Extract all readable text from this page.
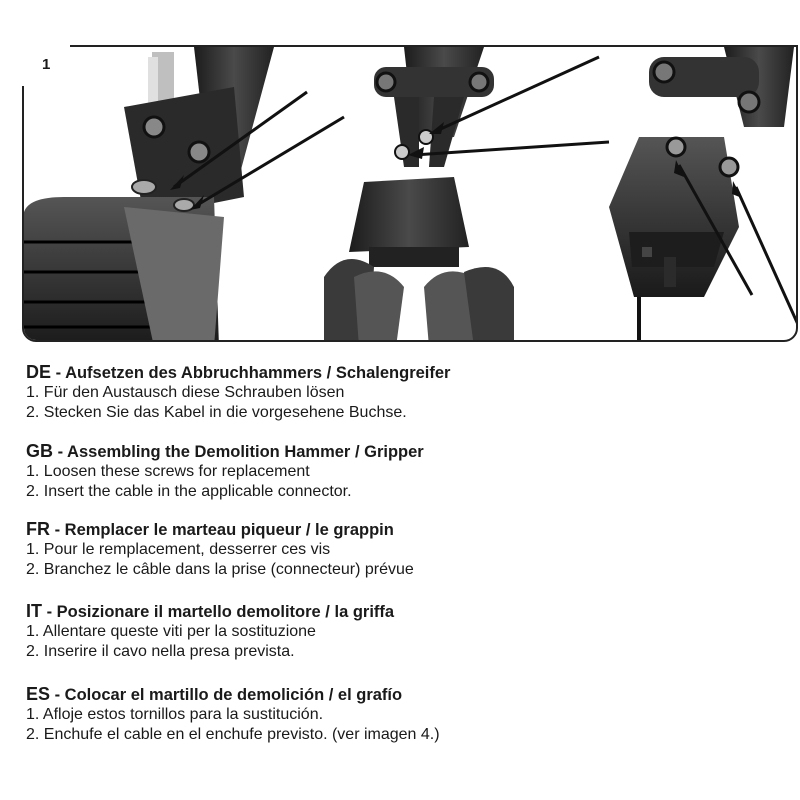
1
DE - Aufsetzen des Abbruchhammers / Schalengreifer
1. Für den Austausch diese Schrauben lösen
2. Stecken Sie das Kabel in die vorgesehene Buchse.
GB - Assembling the Demolition Hammer / Gripper
1. Loosen these screws for replacement
2. Insert the cable in the applicable connector.
FR - Remplacer le marteau piqueur / le grappin
1. Pour le remplacement, desserrer ces vis
2. Branchez le câble dans la prise (connecteur) prévue
IT - Posizionare il martello demolitore / la griffa
1. Allentare queste viti per la sostituzione
2. Inserire il cavo nella presa prevista.
ES - Colocar el martillo de demolición / el grafío
1. Afloje estos tornillos para la sustitución.
2. Enchufe el cable en el enchufe previsto. (ver imagen 4.)
